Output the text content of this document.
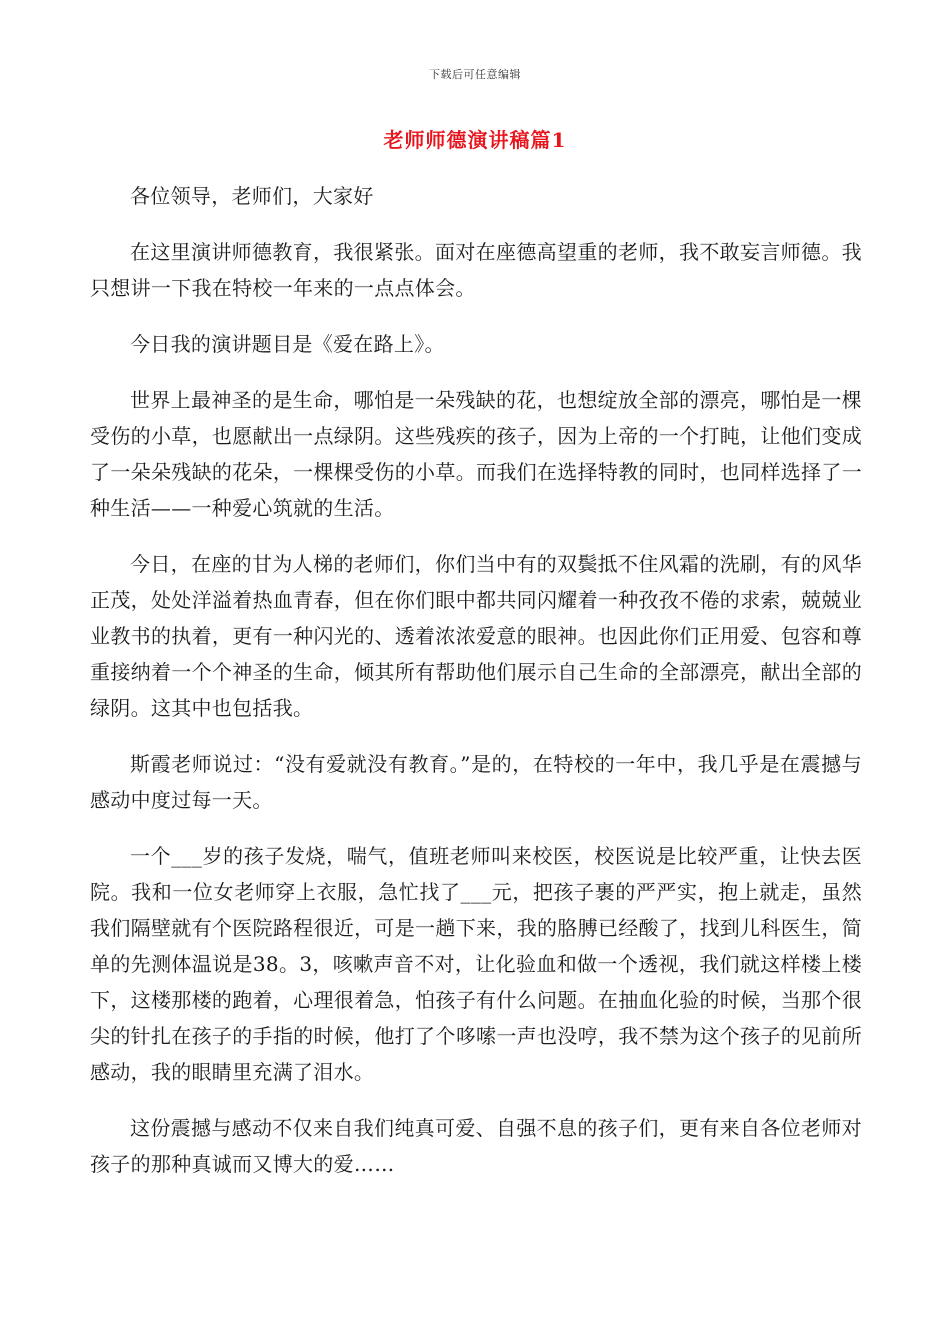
下载后可任意编辑
老师师德演讲稿篇1

各位领导，老师们，大家好

在这里演讲师德教育，我很紧张。面对在座德高望重的老师，我不敢妄言师德。我只想讲一下我在特校一年来的一点点体会。

今日我的演讲题目是《爱在路上》。

世界上最神圣的是生命，哪怕是一朵残缺的花，也想绽放全部的漂亮，哪怕是一棵受伤的小草，也愿献出一点绿阴。这些残疾的孩子，因为上帝的一个打盹，让他们变成了一朵朵残缺的花朵，一棵棵受伤的小草。而我们在选择特教的同时，也同样选择了一种生活——一种爱心筑就的生活。

今日，在座的甘为人梯的老师们，你们当中有的双鬓抵不住风霜的洗刷，有的风华正茂，处处洋溢着热血青春，但在你们眼中都共同闪耀着一种孜孜不倦的求索，兢兢业业教书的执着，更有一种闪光的、透着浓浓爱意的眼神。也因此你们正用爱、包容和尊重接纳着一个个神圣的生命，倾其所有帮助他们展示自己生命的全部漂亮，献出全部的绿阴。这其中也包括我。

斯霞老师说过：“没有爱就没有教育。”是的，在特校的一年中，我几乎是在震撼与感动中度过每一天。

一个___岁的孩子发烧，喘气，值班老师叫来校医，校医说是比较严重，让快去医院。我和一位女老师穿上衣服，急忙找了___元，把孩子裹的严严实，抱上就走，虽然我们隔壁就有个医院路程很近，可是一趟下来，我的胳膊已经酸了，找到儿科医生，简单的先测体温说是38。3，咳嗽声音不对，让化验血和做一个透视，我们就这样楼上楼下，这楼那楼的跑着，心理很着急，怕孩子有什么问题。在抽血化验的时候，当那个很尖的针扎在孩子的手指的时候，他打了个哆嗦一声也没哼，我不禁为这个孩子的见前所感动，我的眼睛里充满了泪水。

这份震撼与感动不仅来自我们纯真可爱、自强不息的孩子们，更有来自各位老师对孩子的那种真诚而又博大的爱……
